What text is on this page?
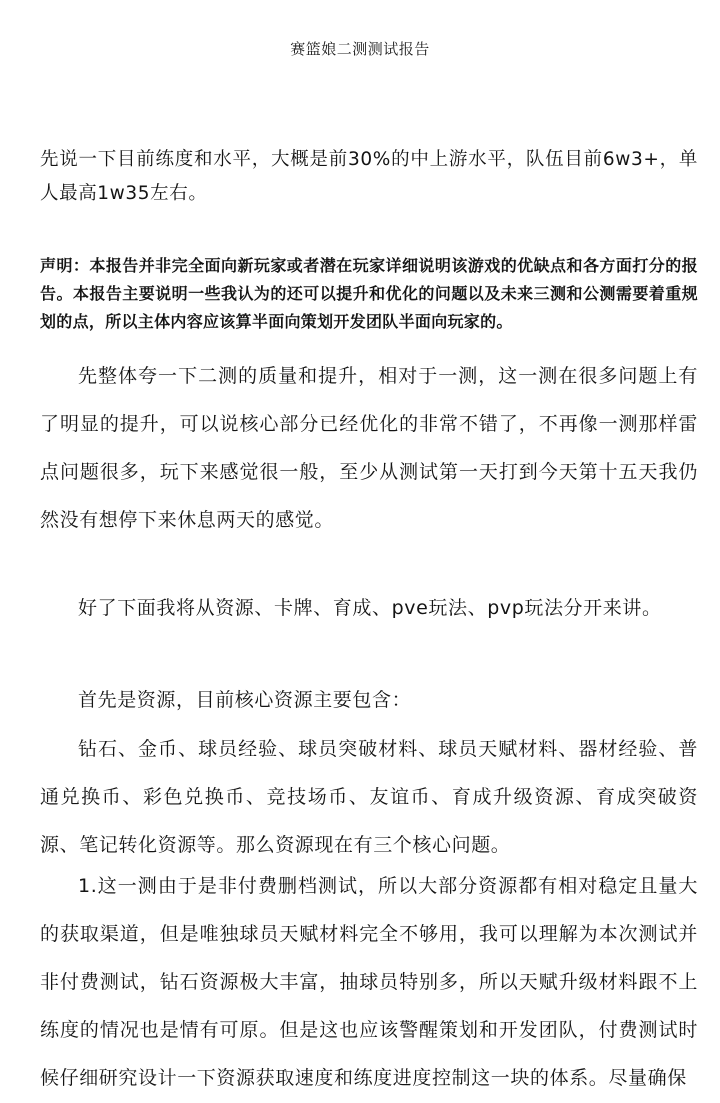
赛篮娘二测测试报告

先说一下目前练度和水平，大概是前30%的中上游水平，队伍目前6w3+，单人最高1w35左右。

声明：本报告并非完全面向新玩家或者潜在玩家详细说明该游戏的优缺点和各方面打分的报告。本报告主要说明一些我认为的还可以提升和优化的问题以及未来三测和公测需要着重规划的点，所以主体内容应该算半面向策划开发团队半面向玩家的。

先整体夸一下二测的质量和提升，相对于一测，这一测在很多问题上有了明显的提升，可以说核心部分已经优化的非常不错了，不再像一测那样雷点问题很多，玩下来感觉很一般，至少从测试第一天打到今天第十五天我仍然没有想停下来休息两天的感觉。

好了下面我将从资源、卡牌、育成、pve玩法、pvp玩法分开来讲。

首先是资源，目前核心资源主要包含：

钻石、金币、球员经验、球员突破材料、球员天赋材料、器材经验、普通兑换币、彩色兑换币、竞技场币、友谊币、育成升级资源、育成突破资源、笔记转化资源等。那么资源现在有三个核心问题。

1.这一测由于是非付费删档测试，所以大部分资源都有相对稳定且量大的获取渠道，但是唯独球员天赋材料完全不够用，我可以理解为本次测试并非付费测试，钻石资源极大丰富，抽球员特别多，所以天赋升级材料跟不上练度的情况也是情有可原。但是这也应该警醒策划和开发团队，付费测试时候仔细研究设计一下资源获取速度和练度进度控制这一块的体系。尽量确保
